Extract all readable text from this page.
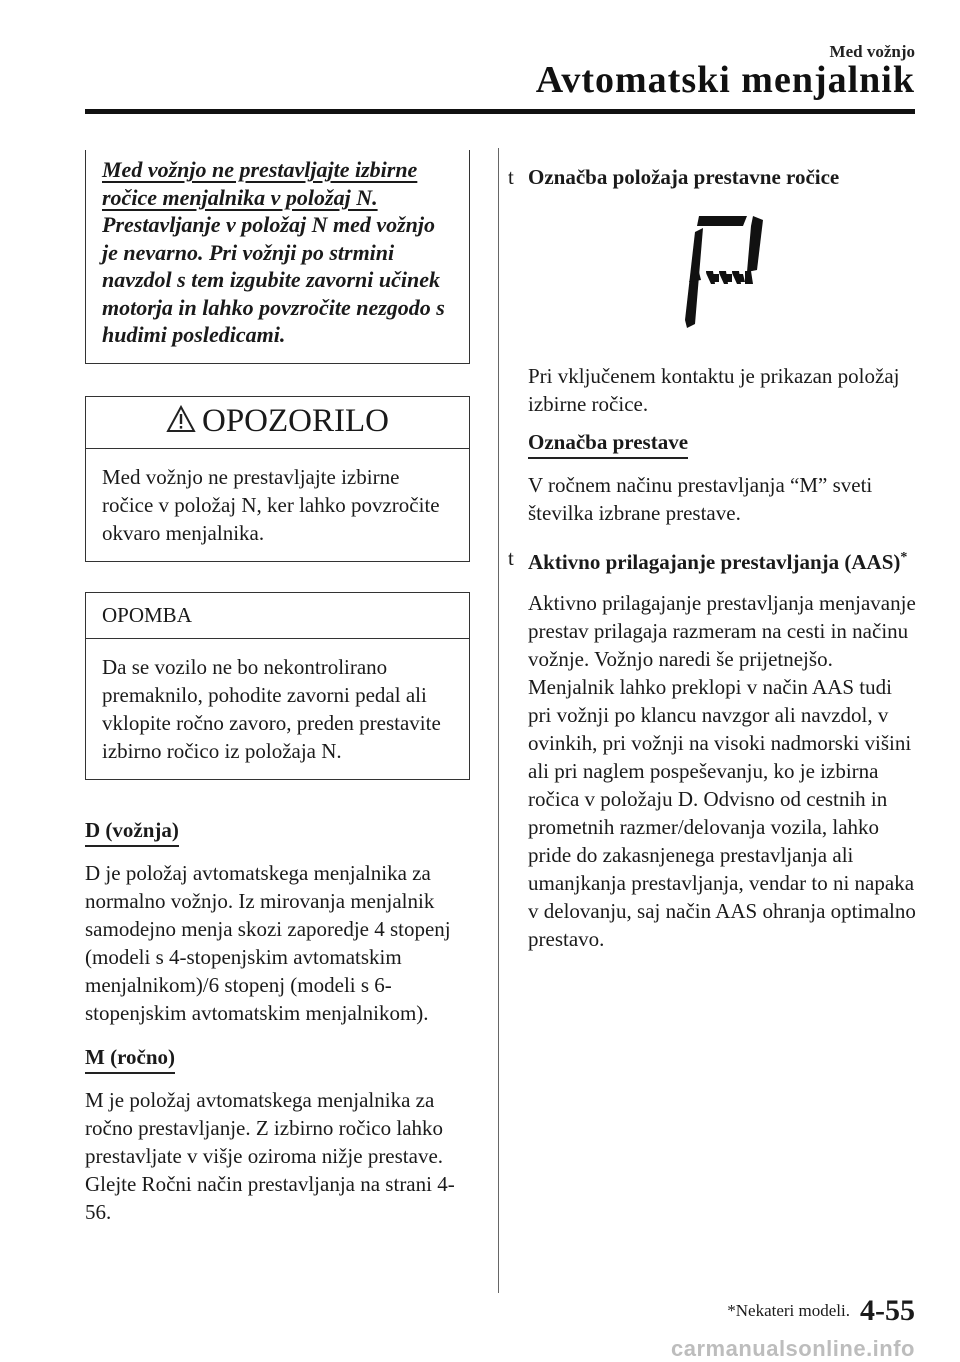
Med vožnjo
Avtomatski menjalnik

Med vožnjo ne prestavljajte izbirne
ročice menjalnika v položaj N.
Prestavljanje v položaj N med vožnjo je nevarno. Pri vožnji po strmini navzdol s tem izgubite zavorni učinek motorja in lahko povzročite nezgodo s hudimi posledicami.

OPOZORILO
Med vožnjo ne prestavljajte izbirne ročice v položaj N, ker lahko povzročite okvaro menjalnika.
OPOMBA
Da se vozilo ne bo nekontrolirano premaknilo, pohodite zavorni pedal ali vklopite ročno zavoro, preden prestavite izbirno ročico iz položaja N.
D (vožnja)

D je položaj avtomatskega menjalnika za normalno vožnjo. Iz mirovanja menjalnik samodejno menja skozi zaporedje 4 stopenj (modeli s 4-stopenjskim avtomatskim menjalnikom)/6 stopenj (modeli s 6-stopenjskim avtomatskim menjalnikom).

M (ročno)

M je položaj avtomatskega menjalnika za ročno prestavljanje. Z izbirno ročico lahko prestavljate v višje oziroma nižje prestave. Glejte Ročni način prestavljanja na strani 4-56.

t Označba položaja prestavne ročice

Pri vključenem kontaktu je prikazan položaj izbirne ročice.

Označba prestave

V ročnem načinu prestavljanja “M” sveti številka izbrane prestave.

t Aktivno prilagajanje prestavljanja (AAS)*

Aktivno prilagajanje prestavljanja menjavanje prestav prilagaja razmeram na cesti in načinu vožnje. Vožnjo naredi še prijetnejšo. Menjalnik lahko preklopi v način AAS tudi pri vožnji po klancu navzgor ali navzdol, v ovinkih, pri vožnji na visoki nadmorski višini ali pri naglem pospeševanju, ko je izbirna ročica v položaju D. Odvisno od cestnih in prometnih razmer/delovanja vozila, lahko pride do zakasnjenega prestavljanja ali umanjkanja prestavljanja, vendar to ni napaka v delovanju, saj način AAS ohranja optimalno prestavo.

*Nekateri modeli. 4-55
carmanualsonline.info
